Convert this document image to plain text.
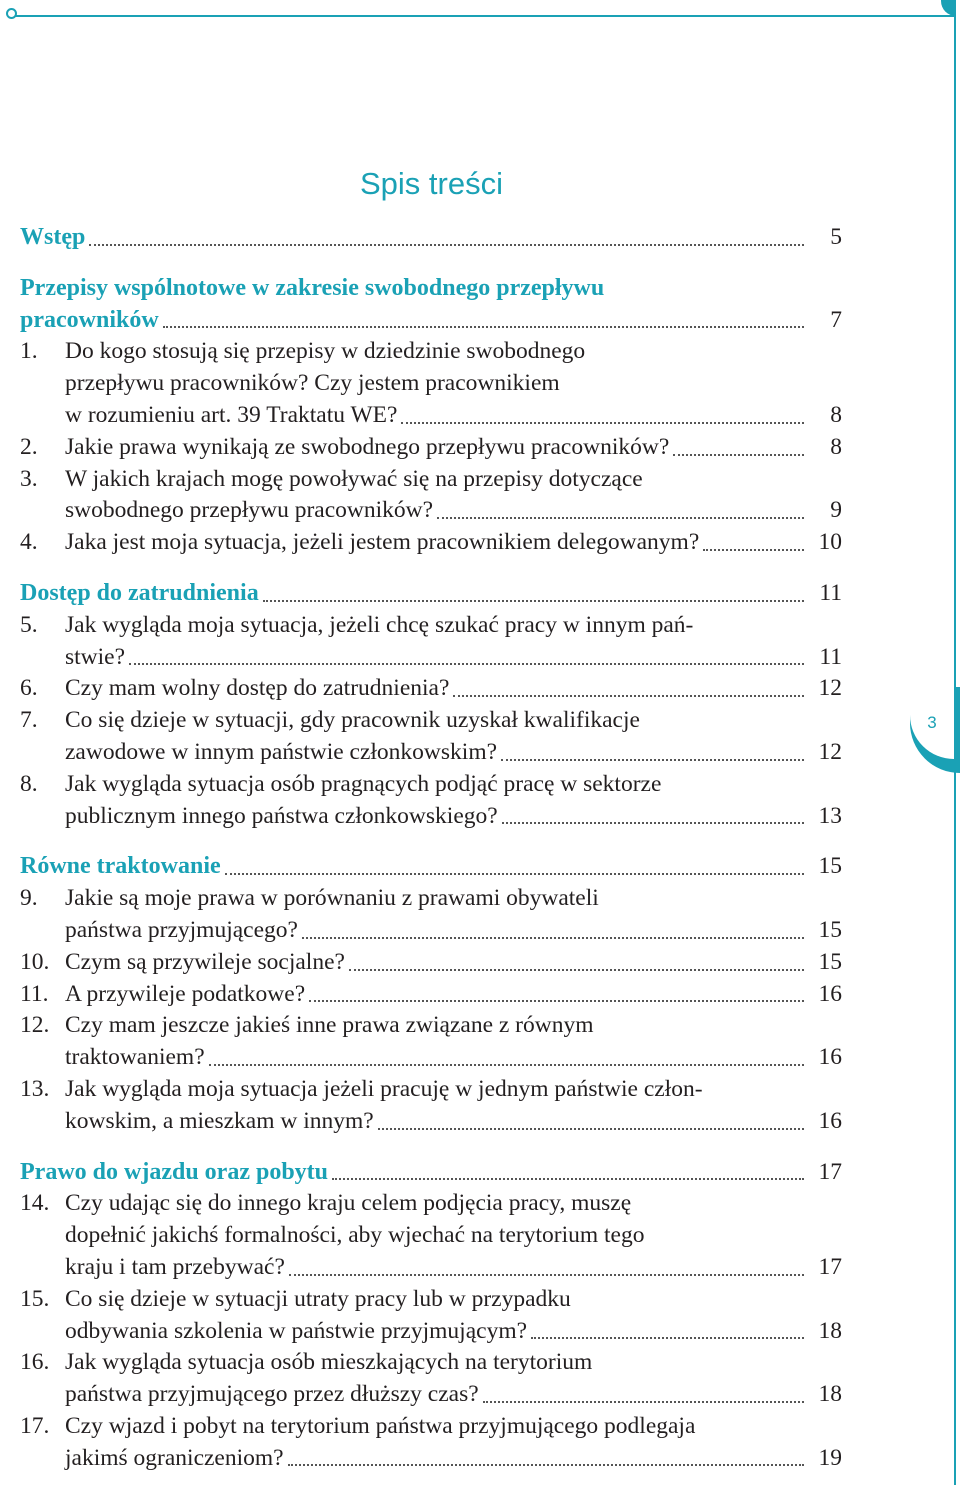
3
Spis treści
Wstęp	5
Przepisy wspólnotowe w zakresie swobodnego przepływu
pracowników	7
1.	Do kogo stosują się przepisy w dziedzinie swobodnego
przepływu pracowników? Czy jestem pracownikiem
w rozumieniu art. 39 Traktatu WE?	8
2.	Jakie prawa wynikają ze swobodnego przepływu pracowników?	8
3.	W jakich krajach mogę powoływać się na przepisy dotyczące
swobodnego przepływu pracowników?	9
4.	Jaka jest moja sytuacja, jeżeli jestem pracownikiem delegowanym?	10
Dostęp do zatrudnienia	11
5.	Jak wygląda moja sytuacja, jeżeli chcę szukać pracy w innym pań-
stwie?	11
6.	Czy mam wolny dostęp do zatrudnienia?	12
7.	Co się dzieje w sytuacji, gdy pracownik uzyskał kwalifikacje
zawodowe w innym państwie członkowskim?	12
8.	Jak wygląda sytuacja osób pragnących podjąć pracę w sektorze
publicznym innego państwa członkowskiego?	13
Równe traktowanie	15
9.	Jakie są moje prawa w porównaniu z prawami obywateli
państwa przyjmującego?	15
10. Czym są przywileje socjalne?	15
11. A przywileje podatkowe?	16
12. Czy mam jeszcze jakieś inne prawa związane z równym
traktowaniem?	16
13. Jak wygląda moja sytuacja jeżeli pracuję w jednym państwie człon-
kowskim, a mieszkam w innym?	16
Prawo do wjazdu oraz pobytu	17
14. Czy udając się do innego kraju celem podjęcia pracy, muszę
dopełnić jakichś formalności, aby wjechać na terytorium tego
kraju i tam przebywać?	17
15. Co się dzieje w sytuacji utraty pracy lub w przypadku
odbywania szkolenia w państwie przyjmującym?	18
16. Jak wygląda sytuacja osób mieszkających na terytorium
państwa przyjmującego przez dłuższy czas?	18
17. Czy wjazd i pobyt na terytorium państwa przyjmującego podlegaja
jakimś ograniczeniom?	19
